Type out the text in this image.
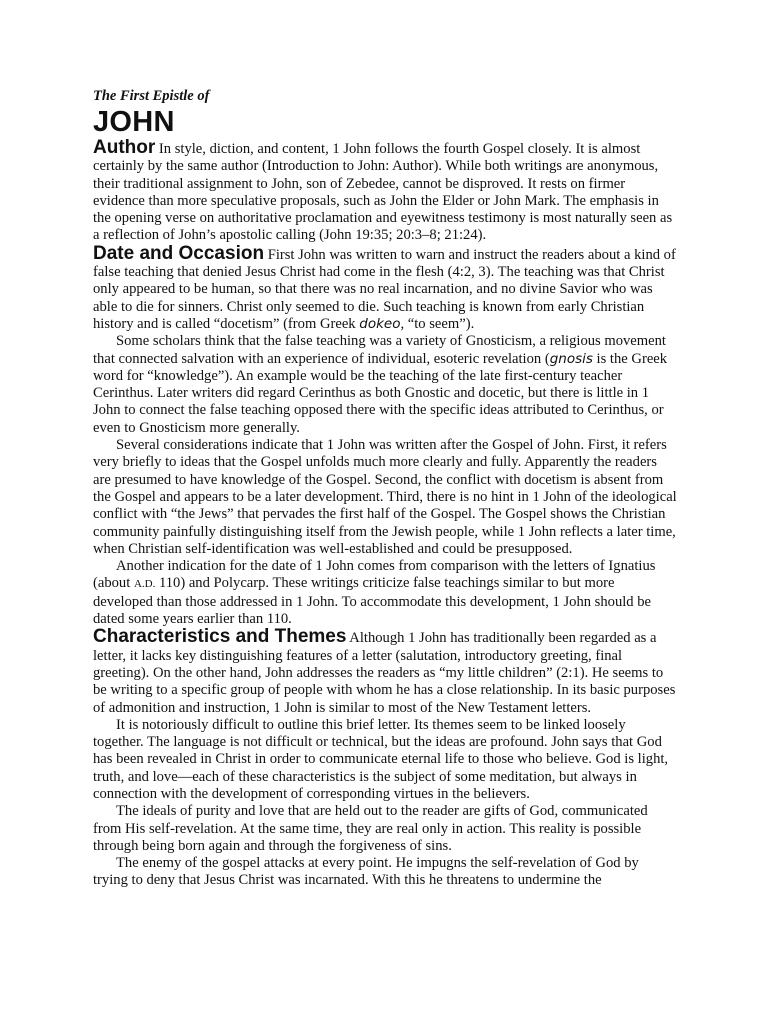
The First Epistle of
JOHN

Author In style, diction, and content, 1 John follows the fourth Gospel closely. It is almost certainly by the same author (Introduction to John: Author). While both writings are anonymous, their traditional assignment to John, son of Zebedee, cannot be disproved. It rests on firmer evidence than more speculative proposals, such as John the Elder or John Mark. The emphasis in the opening verse on authoritative proclamation and eyewitness testimony is most naturally seen as a reflection of John’s apostolic calling (John 19:35; 20:3–8; 21:24).

Date and Occasion First John was written to warn and instruct the readers about a kind of false teaching that denied Jesus Christ had come in the flesh (4:2, 3). The teaching was that Christ only appeared to be human, so that there was no real incarnation, and no divine Savior who was able to die for sinners. Christ only seemed to die. Such teaching is known from early Christian history and is called “docetism” (from Greek dokeo, “to seem”).

Some scholars think that the false teaching was a variety of Gnosticism, a religious movement that connected salvation with an experience of individual, esoteric revelation (gnosis is the Greek word for “knowledge”). An example would be the teaching of the late first-century teacher Cerinthus. Later writers did regard Cerinthus as both Gnostic and docetic, but there is little in 1 John to connect the false teaching opposed there with the specific ideas attributed to Cerinthus, or even to Gnosticism more generally.

Several considerations indicate that 1 John was written after the Gospel of John. First, it refers very briefly to ideas that the Gospel unfolds much more clearly and fully. Apparently the readers are presumed to have knowledge of the Gospel. Second, the conflict with docetism is absent from the Gospel and appears to be a later development. Third, there is no hint in 1 John of the ideological conflict with “the Jews” that pervades the first half of the Gospel. The Gospel shows the Christian community painfully distinguishing itself from the Jewish people, while 1 John reflects a later time, when Christian self-identification was well-established and could be presupposed.

Another indication for the date of 1 John comes from comparison with the letters of Ignatius (about A.D. 110) and Polycarp. These writings criticize false teachings similar to but more developed than those addressed in 1 John. To accommodate this development, 1 John should be dated some years earlier than 110.

Characteristics and Themes Although 1 John has traditionally been regarded as a letter, it lacks key distinguishing features of a letter (salutation, introductory greeting, final greeting). On the other hand, John addresses the readers as “my little children” (2:1). He seems to be writing to a specific group of people with whom he has a close relationship. In its basic purposes of admonition and instruction, 1 John is similar to most of the New Testament letters.

It is notoriously difficult to outline this brief letter. Its themes seem to be linked loosely together. The language is not difficult or technical, but the ideas are profound. John says that God has been revealed in Christ in order to communicate eternal life to those who believe. God is light, truth, and love—each of these characteristics is the subject of some meditation, but always in connection with the development of corresponding virtues in the believers.

The ideals of purity and love that are held out to the reader are gifts of God, communicated from His self-revelation. At the same time, they are real only in action. This reality is possible through being born again and through the forgiveness of sins.

The enemy of the gospel attacks at every point. He impugns the self-revelation of God by trying to deny that Jesus Christ was incarnated. With this he threatens to undermine the
